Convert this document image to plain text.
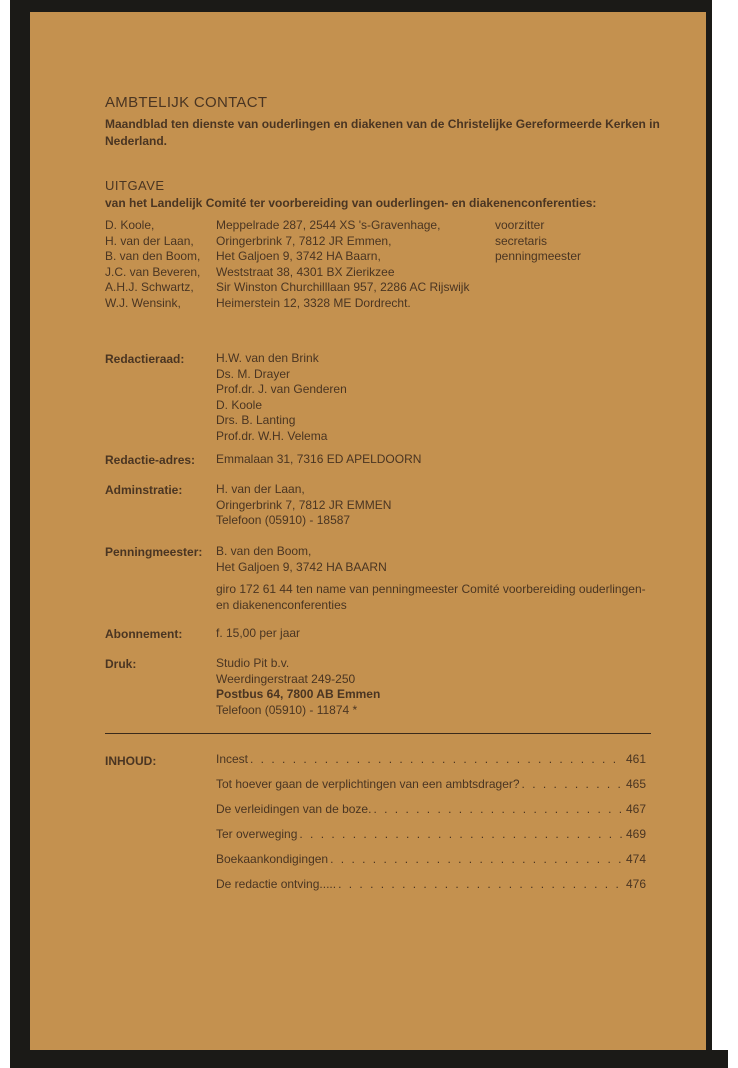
AMBTELIJK CONTACT
Maandblad ten dienste van ouderlingen en diakenen van de Christelijke Gereformeerde Kerken in Nederland.
UITGAVE
van het Landelijk Comité ter voorbereiding van ouderlingen- en diakenenconferenties:
D. Koole,	Meppelrade 287, 2544 XS 's-Gravenhage,	voorzitter
H. van der Laan, Oringerbrink 7, 7812 JR Emmen,	secretaris
B. van den Boom, Het Galjoen 9, 3742 HA Baarn,	penningmeester
J.C. van Beveren, Weststraat 38, 4301 BX Zierikzee
A.H.J. Schwartz, Sir Winston Churchilllaan 957, 2286 AC Rijswijk
W.J. Wensink,	Heimerstein 12, 3328 ME Dordrecht.
Redactieraad:	H.W. van den Brink
Ds. M. Drayer
Prof.dr. J. van Genderen
D. Koole
Drs. B. Lanting
Prof.dr. W.H. Velema
Redactie-adres: Emmalaan 31, 7316 ED APELDOORN
Adminstratie:	H. van der Laan,
Oringerbrink 7, 7812 JR EMMEN
Telefoon (05910) - 18587
Penningmeester: B. van den Boom,
Het Galjoen 9, 3742 HA BAARN
giro 172 61 44 ten name van penningmeester Comité voorbereiding ouderlingen- en diakenenconferenties
Abonnement:	f. 15,00 per jaar
Druk:	Studio Pit b.v.
Weerdingerstraat 249-250
Postbus 64, 7800 AB Emmen
Telefoon (05910) - 11874 *
INHOUD:	Incest . . .	461
Tot hoever gaan de verplichtingen van een ambtsdrager? . . .	465
De verleidingen van de boze. . . .	467
Ter overweging . . .	469
Boekaankondigingen . . .	474
De redactie ontving..... . . .	476
